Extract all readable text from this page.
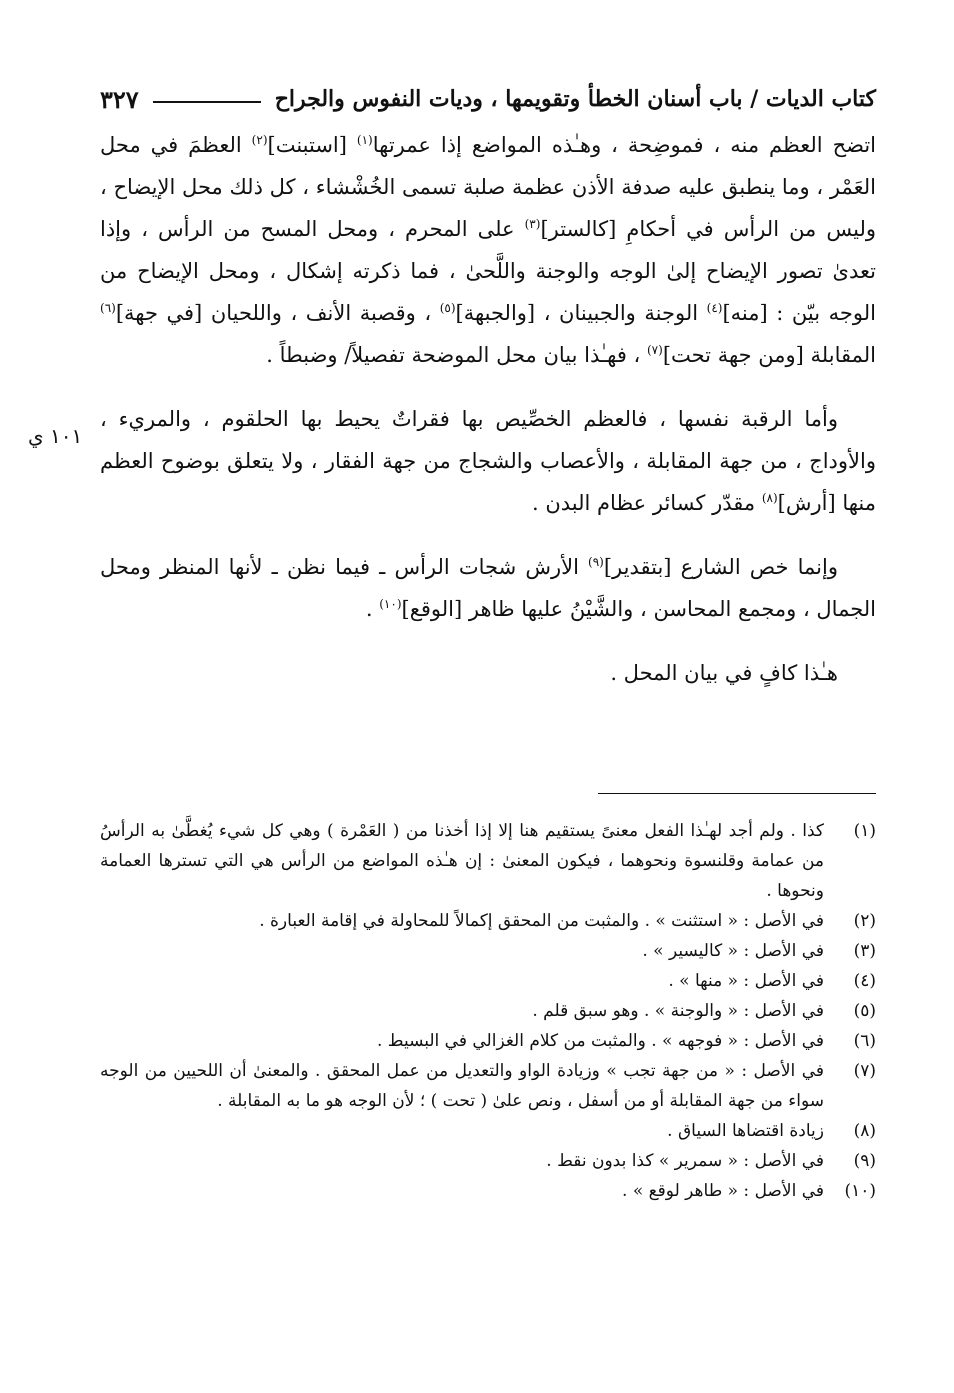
كتاب الديات / باب أسنان الخطأ وتقويمها ، وديات النفوس والجراح
٣٢٧
١٠١ ي

اتضح العظم منه ، فموضِحة ، وهـٰذه المواضع إذا عمرتها$^{(١)}$ [استبنت]$^{(٢)}$ العظمَ في محل العَمْر ، وما ينطبق عليه صدفة الأذن عظمة صلبة تسمى الخُشْشاء ، كل ذلك محل الإيضاح ، وليس من الرأس في أحكامِ [كالستر]$^{(٣)}$ على المحرم ، ومحل المسح من الرأس ، وإذا تعدىٰ تصور الإيضاح إلىٰ الوجه والوجنة واللَّحىٰ ، فما ذكرته إشكال ، ومحل الإيضاح من الوجه بيّن : [منه]$^{(٤)}$ الوجنة والجبينان ، [والجبهة]$^{(٥)}$ ، وقصبة الأنف ، واللحيان [في جهة]$^{(٦)}$ المقابلة [ومن جهة تحت]$^{(٧)}$ ، فهـٰذا بيان محل الموضحة تفصيلاً/ وضبطاً .

وأما الرقبة نفسها ، فالعظم الخصِّيص بها فقراتٌ يحيط بها الحلقوم ، والمريء ، والأوداج ، من جهة المقابلة ، والأعصاب والشجاج من جهة الفقار ، ولا يتعلق بوضوح العظم منها [أرش]$^{(٨)}$ مقدّر كسائر عظام البدن .

وإنما خص الشارع [بتقدير]$^{(٩)}$ الأرش شجات الرأس ـ فيما نظن ـ لأنها المنظر ومحل الجمال ، ومجمع المحاسن ، والشَّيْنُ عليها ظاهر [الوقع]$^{(١٠)}$ .

هـٰذا كافٍ في بيان المحل .

(١)
كذا . ولم أجد لهـٰذا الفعل معنىً يستقيم هنا إلا إذا أخذنا من ( العَمْرة ) وهي كل شيء يُغطَّىٰ به الرأسُ من عمامة وقلنسوة ونحوهما ، فيكون المعنىٰ : إن هـٰذه المواضع من الرأس هي التي تسترها العمامة ونحوها .
(٢)
في الأصل : « استثنت » . والمثبت من المحقق إكمالاً للمحاولة في إقامة العبارة .
(٣)
في الأصل : « كاليسير » .
(٤)
في الأصل : « منها » .
(٥)
في الأصل : « والوجنة » . وهو سبق قلم .
(٦)
في الأصل : « فوجهه » . والمثبت من كلام الغزالي في البسيط .
(٧)
في الأصل : « من جهة تجب » وزيادة الواو والتعديل من عمل المحقق . والمعنىٰ أن اللحيين من الوجه سواء من جهة المقابلة أو من أسفل ، ونص علىٰ ( تحت ) ؛ لأن الوجه هو ما به المقابلة .
(٨)
زيادة اقتضاها السياق .
(٩)
في الأصل : « سمرير » كذا بدون نقط .
(١٠)
في الأصل : « طاهر لوقع » .
